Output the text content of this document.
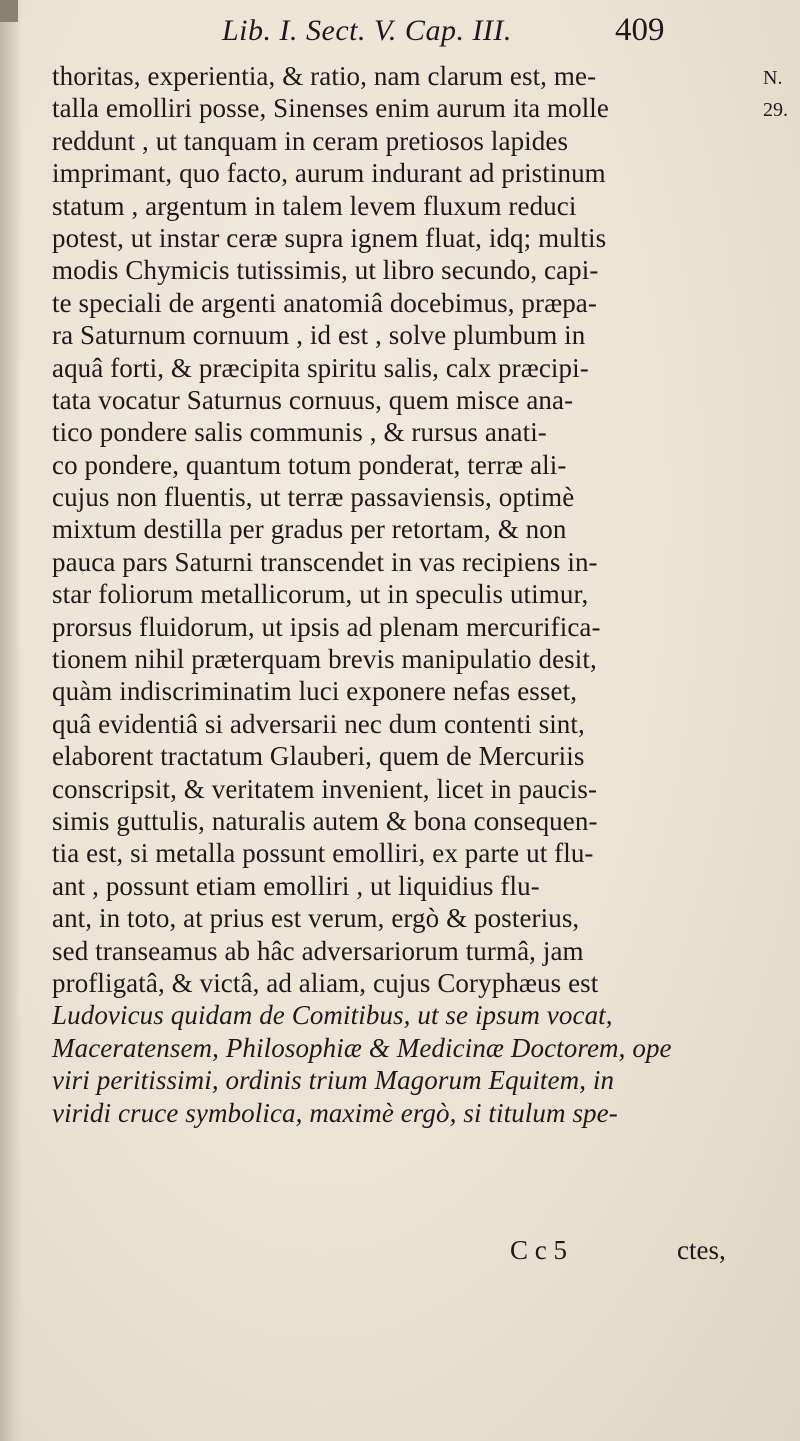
Lib. I. Sect. V. Cap. III.	409
N.
29.
thoritas, experientia, & ratio, nam clarum est, me-
talla emolliri posse, Sinenses enim aurum ita molle
reddunt , ut tanquam in ceram pretiosos lapides
imprimant, quo facto, aurum indurant ad pristinum
statum , argentum in talem levem fluxum reduci
potest, ut instar ceræ supra ignem fluat, idq; multis
modis Chymicis tutissimis, ut libro secundo, capi-
te speciali de argenti anatomiâ docebimus, præpa-
ra Saturnum cornuum , id est , solve plumbum in
aquâ forti, & præcipita spiritu salis, calx præcipi-
tata vocatur Saturnus cornuus, quem misce ana-
tico pondere salis communis , & rursus anati-
co pondere, quantum totum ponderat, terræ ali-
cujus non fluentis, ut terræ passaviensis, optimè
mixtum destilla per gradus per retortam, & non
pauca pars Saturni transcendet in vas recipiens in-
star foliorum metallicorum, ut in speculis utimur,
prorsus fluidorum, ut ipsis ad plenam mercurifica-
tionem nihil præterquam brevis manipulatio desit,
quàm indiscriminatim luci exponere nefas esset,
quâ evidentiâ si adversarii nec dum contenti sint,
elaborent tractatum Glauberi, quem de Mercuriis
conscripsit, & veritatem invenient, licet in paucis-
simis guttulis, naturalis autem & bona consequen-
tia est, si metalla possunt emolliri, ex parte ut flu-
ant , possunt etiam emolliri , ut liquidius flu-
ant, in toto, at prius est verum, ergò & posterius,
sed transeamus ab hâc adversariorum turmâ, jam
profligatâ, & victâ, ad aliam, cujus Coryphæus est
Ludovicus quidam de Comitibus, ut se ipsum vocat,
Maceratensem, Philosophiæ & Medicinæ Doctorem, ope
viri peritissimi, ordinis trium Magorum Equitem, in
viridi cruce symbolica, maximè ergò, si titulum spe-
C c 5	ctes,
